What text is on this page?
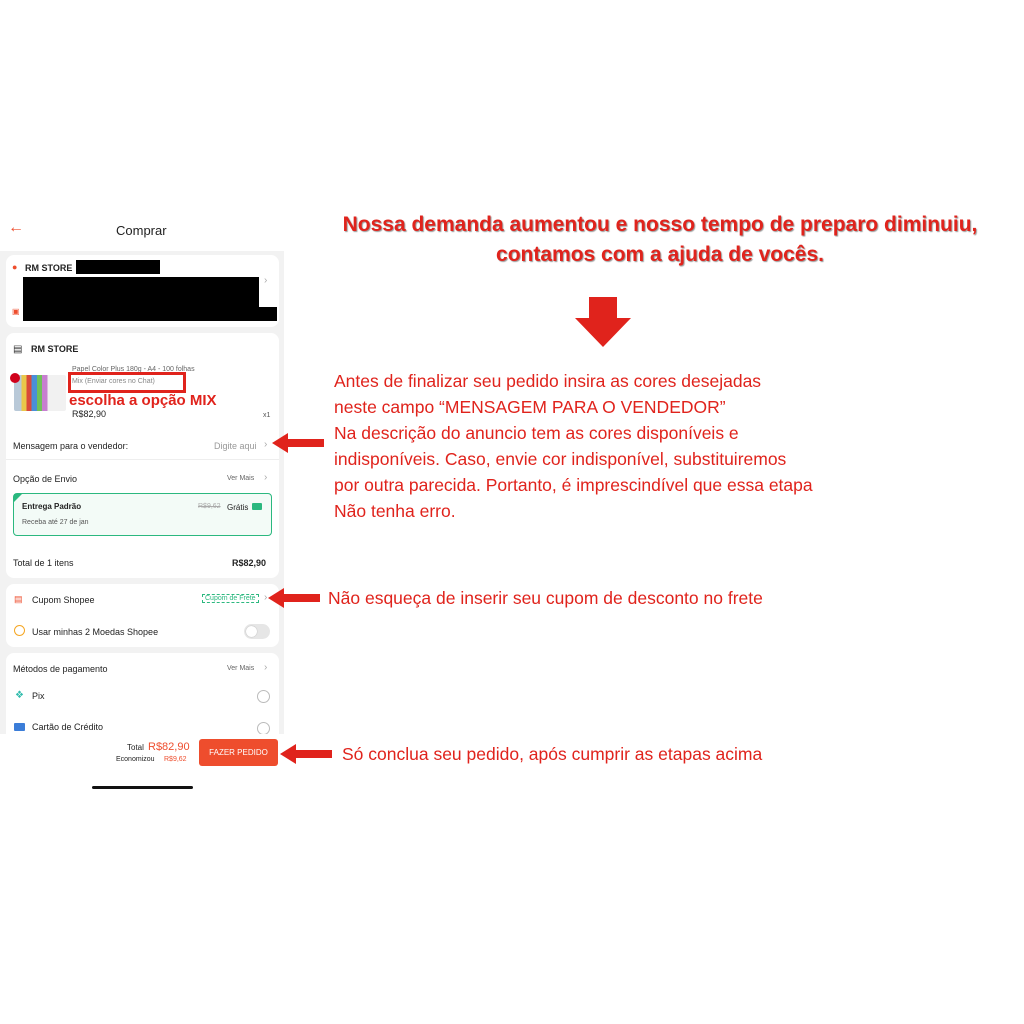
←	Comprar
● RM STORE
▣
›
▤ RM STORE
Papel Color Plus 180g - A4 - 100 folhas
Mix (Enviar cores no Chat)
R$82,90	x1
Mensagem para o vendedor:	Digite aqui ›
Opção de Envio	Ver Mais ›
Entrega Padrão	R$9,62 Grátis
Receba até 27 de jan
Total de 1 itens	R$82,90
▤ Cupom Shopee	Cupom de Frete ›
Usar minhas 2 Moedas Shopee
Métodos de pagamento	Ver Mais ›
❖ Pix
Cartão de Crédito
Total R$82,90
Economizou R$9,62
FAZER PEDIDO
escolha a opção MIX
Nossa demanda aumentou e nosso tempo de preparo diminuiu,
contamos com a ajuda de vocês.
Antes de finalizar seu pedido insira as cores desejadas
neste campo “MENSAGEM PARA O VENDEDOR”
Na descrição do anuncio tem as cores disponíveis e
indisponíveis. Caso, envie cor indisponível, substituiremos
por outra parecida. Portanto, é imprescindível que essa etapa
Não tenha erro.
Não esqueça de inserir seu cupom de desconto no frete
Só conclua seu pedido, após cumprir as etapas acima
